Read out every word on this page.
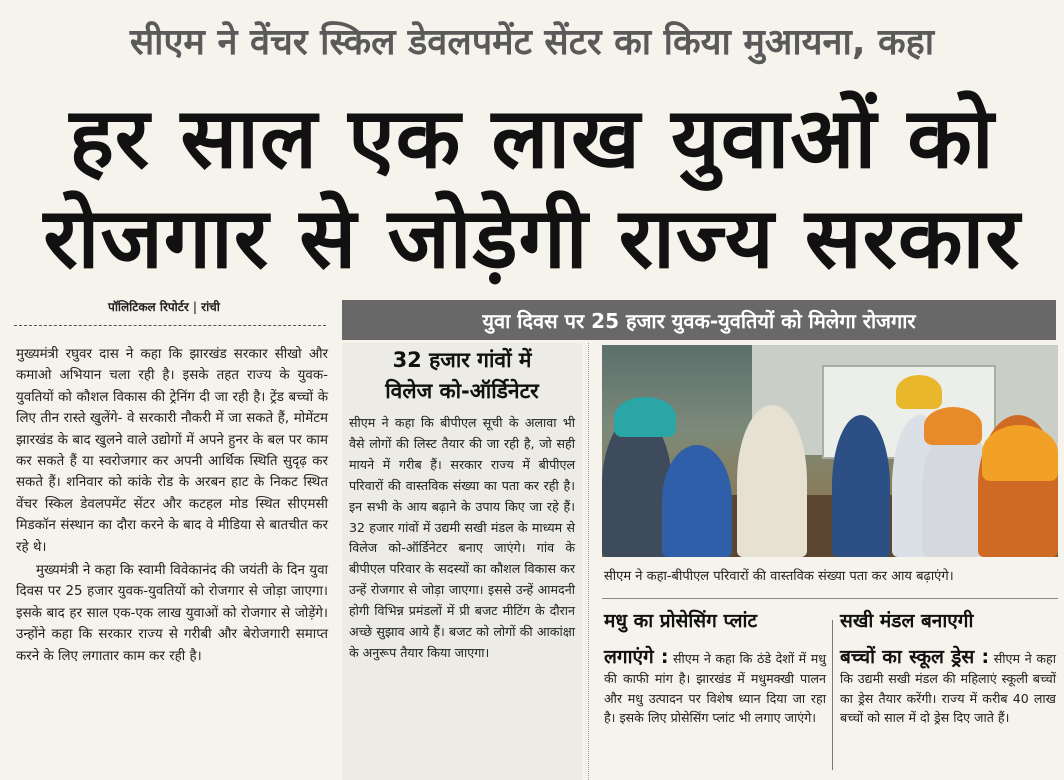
सीएम ने वेंचर स्किल डेवलपमेंट सेंटर का किया मुआयना, कहा
हर साल एक लाख युवाओं को
रोजगार से जोड़ेगी राज्य सरकार
पॉलिटिकल रिपोर्टर | रांची

मुख्यमंत्री रघुवर दास ने कहा कि झारखंड सरकार सीखो और कमाओ अभियान चला रही है। इसके तहत राज्य के युवक-युवतियों को कौशल विकास की ट्रेनिंग दी जा रही है। ट्रेंड बच्चों के लिए तीन रास्ते खुलेंगे- वे सरकारी नौकरी में जा सकते हैं, मोमेंटम झारखंड के बाद खुलने वाले उद्योगों में अपने हुनर के बल पर काम कर सकते हैं या स्वरोजगार कर अपनी आर्थिक स्थिति सुदृढ़ कर सकते हैं। शनिवार को कांके रोड के अरबन हाट के निकट स्थित वेंचर स्किल डेवलपमेंट सेंटर और कटहल मोड स्थित सीएमसी मिडकॉन संस्थान का दौरा करने के बाद वे मीडिया से बातचीत कर रहे थे।

मुख्यमंत्री ने कहा कि स्वामी विवेकानंद की जयंती के दिन युवा दिवस पर 25 हजार युवक-युवतियों को रोजगार से जोड़ा जाएगा। इसके बाद हर साल एक-एक लाख युवाओं को रोजगार से जोड़ेंगे। उन्होंने कहा कि सरकार राज्य से गरीबी और बेरोजगारी समाप्त करने के लिए लगातार काम कर रही है।

युवा दिवस पर 25 हजार युवक-युवतियों को मिलेगा रोजगार
32 हजार गांवों में
विलेज को-ऑर्डिनेटर
सीएम ने कहा कि बीपीएल सूची के अलावा भी वैसे लोगों की लिस्ट तैयार की जा रही है, जो सही मायने में गरीब हैं। सरकार राज्य में बीपीएल परिवारों की वास्तविक संख्या का पता कर रही है। इन सभी के आय बढ़ाने के उपाय किए जा रहे हैं। 32 हजार गांवों में उद्यमी सखी मंडल के माध्यम से विलेज को-ऑर्डिनेटर बनाए जाएंगे। गांव के बीपीएल परिवार के सदस्यों का कौशल विकास कर उन्हें रोजगार से जोड़ा जाएगा। इससे उन्हें आमदनी होगी विभिन्न प्रमंडलों में प्री बजट मीटिंग के दौरान अच्छे सुझाव आये हैं। बजट को लोगों की आकांक्षा के अनुरूप तैयार किया जाएगा।
सीएम ने कहा-बीपीएल परिवारों की वास्तविक संख्या पता कर आय बढ़ाएंगे।
मधु का प्रोसेसिंग प्लांट
लगाएंगे : सीएम ने कहा कि ठंडे देशों में मधु की काफी मांग है। झारखंड में मधुमक्खी पालन और मधु उत्पादन पर विशेष ध्यान दिया जा रहा है। इसके लिए प्रोसेसिंग प्लांट भी लगाए जाएंगे।
सखी मंडल बनाएगी
बच्चों का स्कूल ड्रेस : सीएम ने कहा कि उद्यमी सखी मंडल की महिलाएं स्कूली बच्चों का ड्रेस तैयार करेंगी। राज्य में करीब 40 लाख बच्चों को साल में दो ड्रेस दिए जाते हैं।
